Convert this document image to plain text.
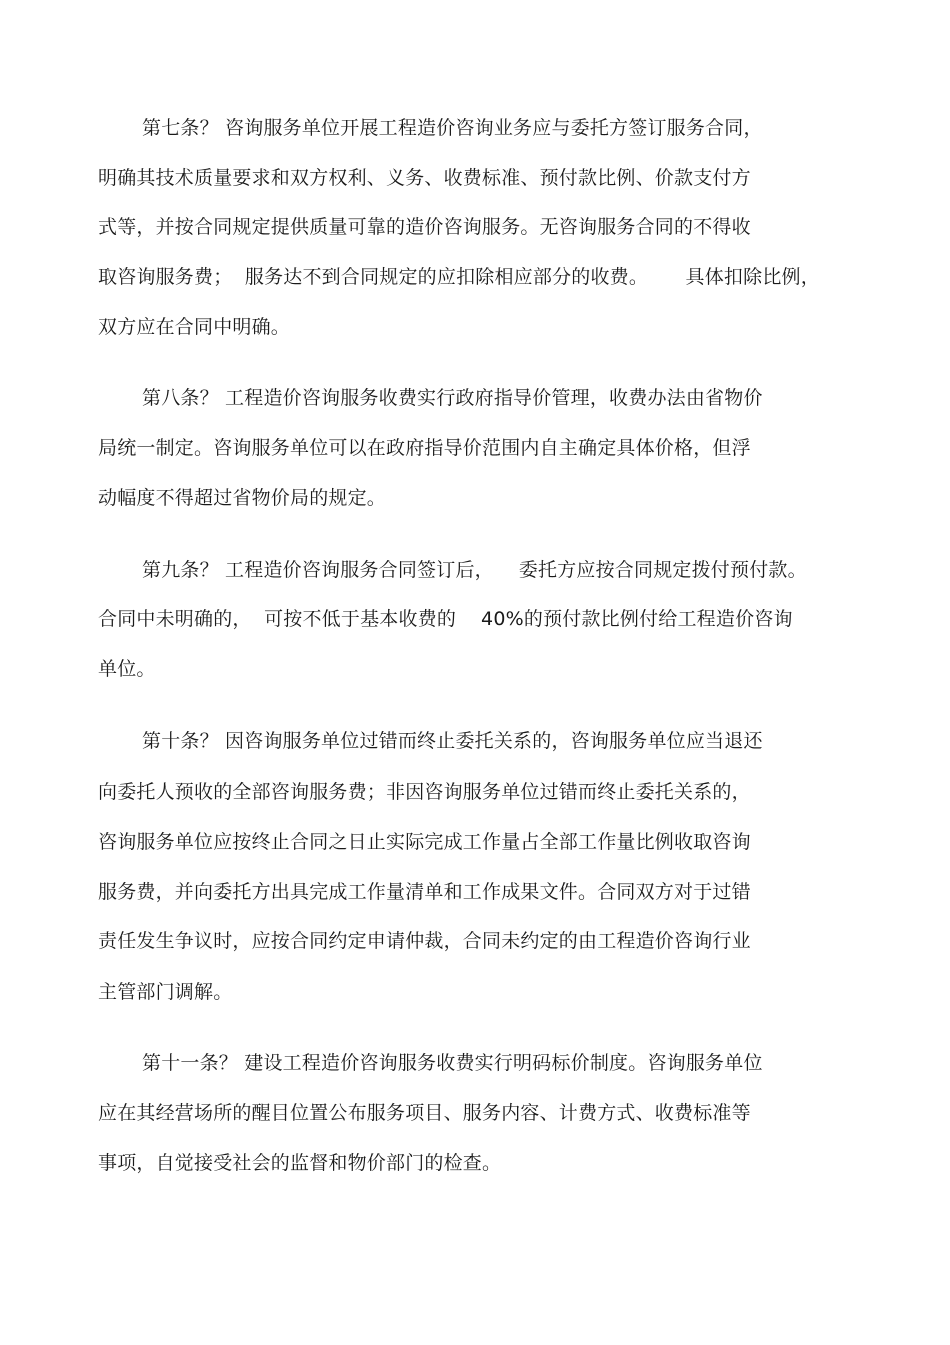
第七条？ 咨询服务单位开展工程造价咨询业务应与委托方签订服务合同，
明确其技术质量要求和双方权利、义务、收费标准、预付款比例、价款支付方
式等，并按合同规定提供质量可靠的造价咨询服务。无咨询服务合同的不得收
取咨询服务费；  服务达不到合同规定的应扣除相应部分的收费。      具体扣除比例，
双方应在合同中明确。
第八条？ 工程造价咨询服务收费实行政府指导价管理，收费办法由省物价
局统一制定。咨询服务单位可以在政府指导价范围内自主确定具体价格，但浮
动幅度不得超过省物价局的规定。
第九条？ 工程造价咨询服务合同签订后，    委托方应按合同规定拨付预付款。
合同中未明确的，  可按不低于基本收费的    40%的预付款比例付给工程造价咨询
单位。
第十条？ 因咨询服务单位过错而终止委托关系的，咨询服务单位应当退还
向委托人预收的全部咨询服务费；非因咨询服务单位过错而终止委托关系的，
咨询服务单位应按终止合同之日止实际完成工作量占全部工作量比例收取咨询
服务费，并向委托方出具完成工作量清单和工作成果文件。合同双方对于过错
责任发生争议时，应按合同约定申请仲裁，合同未约定的由工程造价咨询行业
主管部门调解。
第十一条？ 建设工程造价咨询服务收费实行明码标价制度。咨询服务单位
应在其经营场所的醒目位置公布服务项目、服务内容、计费方式、收费标准等
事项，自觉接受社会的监督和物价部门的检查。
